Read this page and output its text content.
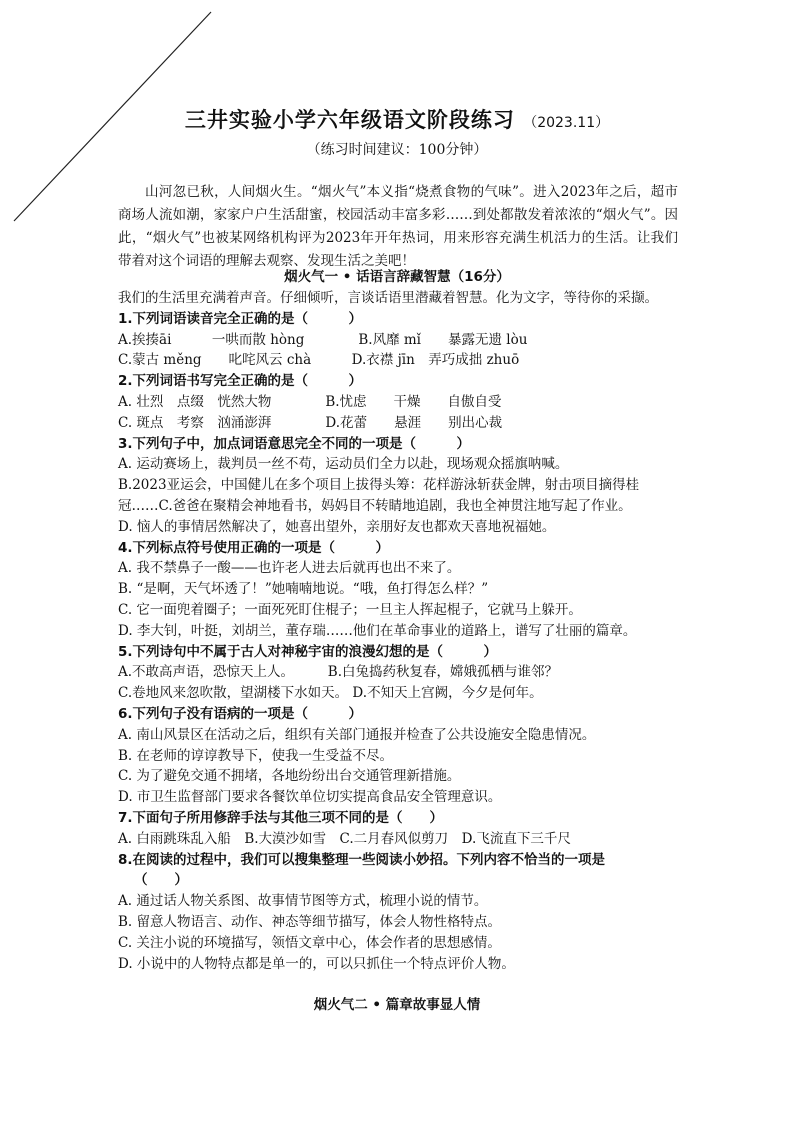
三井实验小学六年级语文阶段练习 （2023.11）
（练习时间建议：100分钟）
山河忽已秋，人间烟火生。“烟火气”本义指“烧煮食物的气味”。进入2023年之后，超市商场人流如潮，家家户户生活甜蜜，校园活动丰富多彩……到处都散发着浓浓的“烟火气”。因此，“烟火气”也被某网络机构评为2023年开年热词，用来形容充满生机活力的生活。让我们带着对这个词语的理解去观察、发现生活之美吧！
烟火气一 • 话语言辞藏智慧（16分）
我们的生活里充满着声音。仔细倾听，言谈话语里潜藏着智慧。化为文字，等待你的采撷。
1.下列词语读音完全正确的是（　　　）
A.挨揍āi　　　一哄而散 hòng　　　　B.风靡 mǐ　　暴露无遗 lòu
C.蒙古 měng　　叱咤风云 chà　　　D.衣襟 jīn　弄巧成拙 zhuō
2.下列词语书写完全正确的是（　　　）
A. 壮烈　点缀　恍然大物　　　　B.忧虑　　干燥　　自傲自受
C. 斑点　考察　汹涌澎湃　　　　D.花蕾　　悬涯　　别出心裁
3.下列句子中，加点词语意思完全不同的一项是（　　　）
A. 运动赛场上，裁判员一丝不苟，运动员们全力以赴，现场观众摇旗呐喊。
B.2023亚运会，中国健儿在多个项目上拔得头筹：花样游泳斩获金牌，射击项目摘得桂
冠……C.爸爸在聚精会神地看书，妈妈目不转睛地追剧，我也全神贯注地写起了作业。
D. 恼人的事情居然解决了，她喜出望外，亲朋好友也都欢天喜地祝福她。
4.下列标点符号使用正确的一项是（　　　）
A. 我不禁鼻子一酸——也许老人进去后就再也出不来了。
B. “是啊，天气坏透了！”她喃喃地说。“哦，鱼打得怎么样？”
C. 它一面兜着圈子；一面死死盯住棍子；一旦主人挥起棍子，它就马上躲开。
D. 李大钊，叶挺，刘胡兰，董存瑞……他们在革命事业的道路上，谱写了壮丽的篇章。
5.下列诗句中不属于古人对神秘宇宙的浪漫幻想的是（　　　）
A.不敢高声语，恐惊天上人。　　　B.白兔捣药秋复春，嫦娥孤栖与谁邻？
C.卷地风来忽吹散，望湖楼下水如天。 D.不知天上宫阙，今夕是何年。
6.下列句子没有语病的一项是（　　　）
A. 南山风景区在活动之后，组织有关部门通报并检查了公共设施安全隐患情况。
B. 在老师的谆谆教导下，使我一生受益不尽。
C. 为了避免交通不拥堵，各地纷纷出台交通管理新措施。
D. 市卫生监督部门要求各餐饮单位切实提高食品安全管理意识。
7.下面句子所用修辞手法与其他三项不同的是（　　）
A. 白雨跳珠乱入船　B.大漠沙如雪　C.二月春风似剪刀　D.飞流直下三千尺
8.在阅读的过程中，我们可以搜集整理一些阅读小妙招。下列内容不恰当的一项是
（　　）
A. 通过话人物关系图、故事情节图等方式，梳理小说的情节。
B. 留意人物语言、动作、神态等细节描写，体会人物性格特点。
C. 关注小说的环境描写，领悟文章中心，体会作者的思想感情。
D. 小说中的人物特点都是单一的，可以只抓住一个特点评价人物。
烟火气二 • 篇章故事显人情
